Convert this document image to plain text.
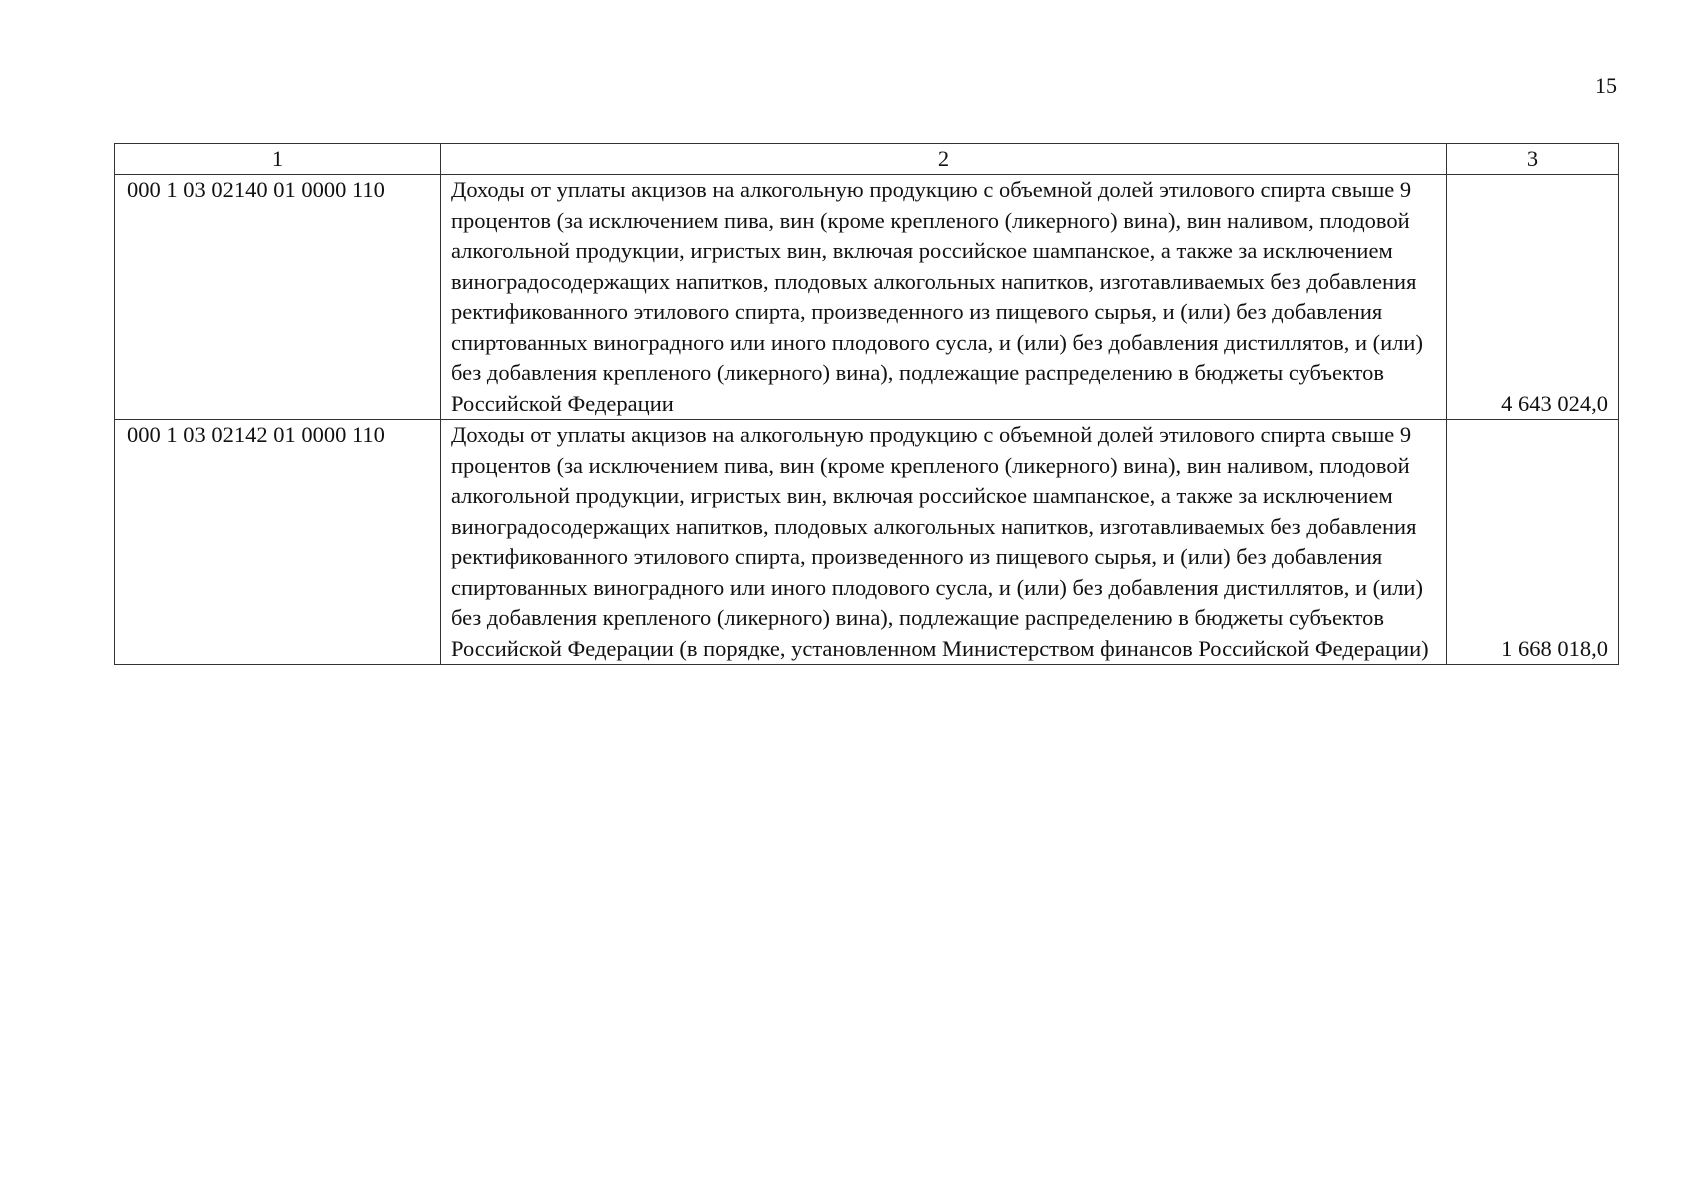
15
1	2	3
000 1 03 02140 01 0000 110	Доходы от уплаты акцизов на алкогольную продукцию с объемной долей этилового спирта свыше 9 процентов (за исключением пива, вин (кроме крепленого (ликерного) вина), вин наливом, плодовой алкогольной продукции, игристых вин, включая российское шампанское, а также за исключением виноградосодержащих напитков, плодовых алкогольных напитков, изготавливаемых без добавления ректификованного этилового спирта, произведенного из пищевого сырья, и (или) без добавления спиртованных виноградного или иного плодового сусла, и (или) без добавления дистиллятов, и (или) без добавления крепленого (ликерного) вина), подлежащие распределению в бюджеты субъектов Российской Федерации	4 643 024,0
000 1 03 02142 01 0000 110	Доходы от уплаты акцизов на алкогольную продукцию с объемной долей этилового спирта свыше 9 процентов (за исключением пива, вин (кроме крепленого (ликерного) вина), вин наливом, плодовой алкогольной продукции, игристых вин, включая российское шампанское, а также за исключением виноградосодержащих напитков, плодовых алкогольных напитков, изготавливаемых без добавления ректификованного этилового спирта, произведенного из пищевого сырья, и (или) без добавления спиртованных виноградного или иного плодового сусла, и (или) без добавления дистиллятов, и (или) без добавления крепленого (ликерного) вина), подлежащие распределению в бюджеты субъектов Российской Федерации (в порядке, установленном Министерством финансов Российской Федерации)	1 668 018,0
